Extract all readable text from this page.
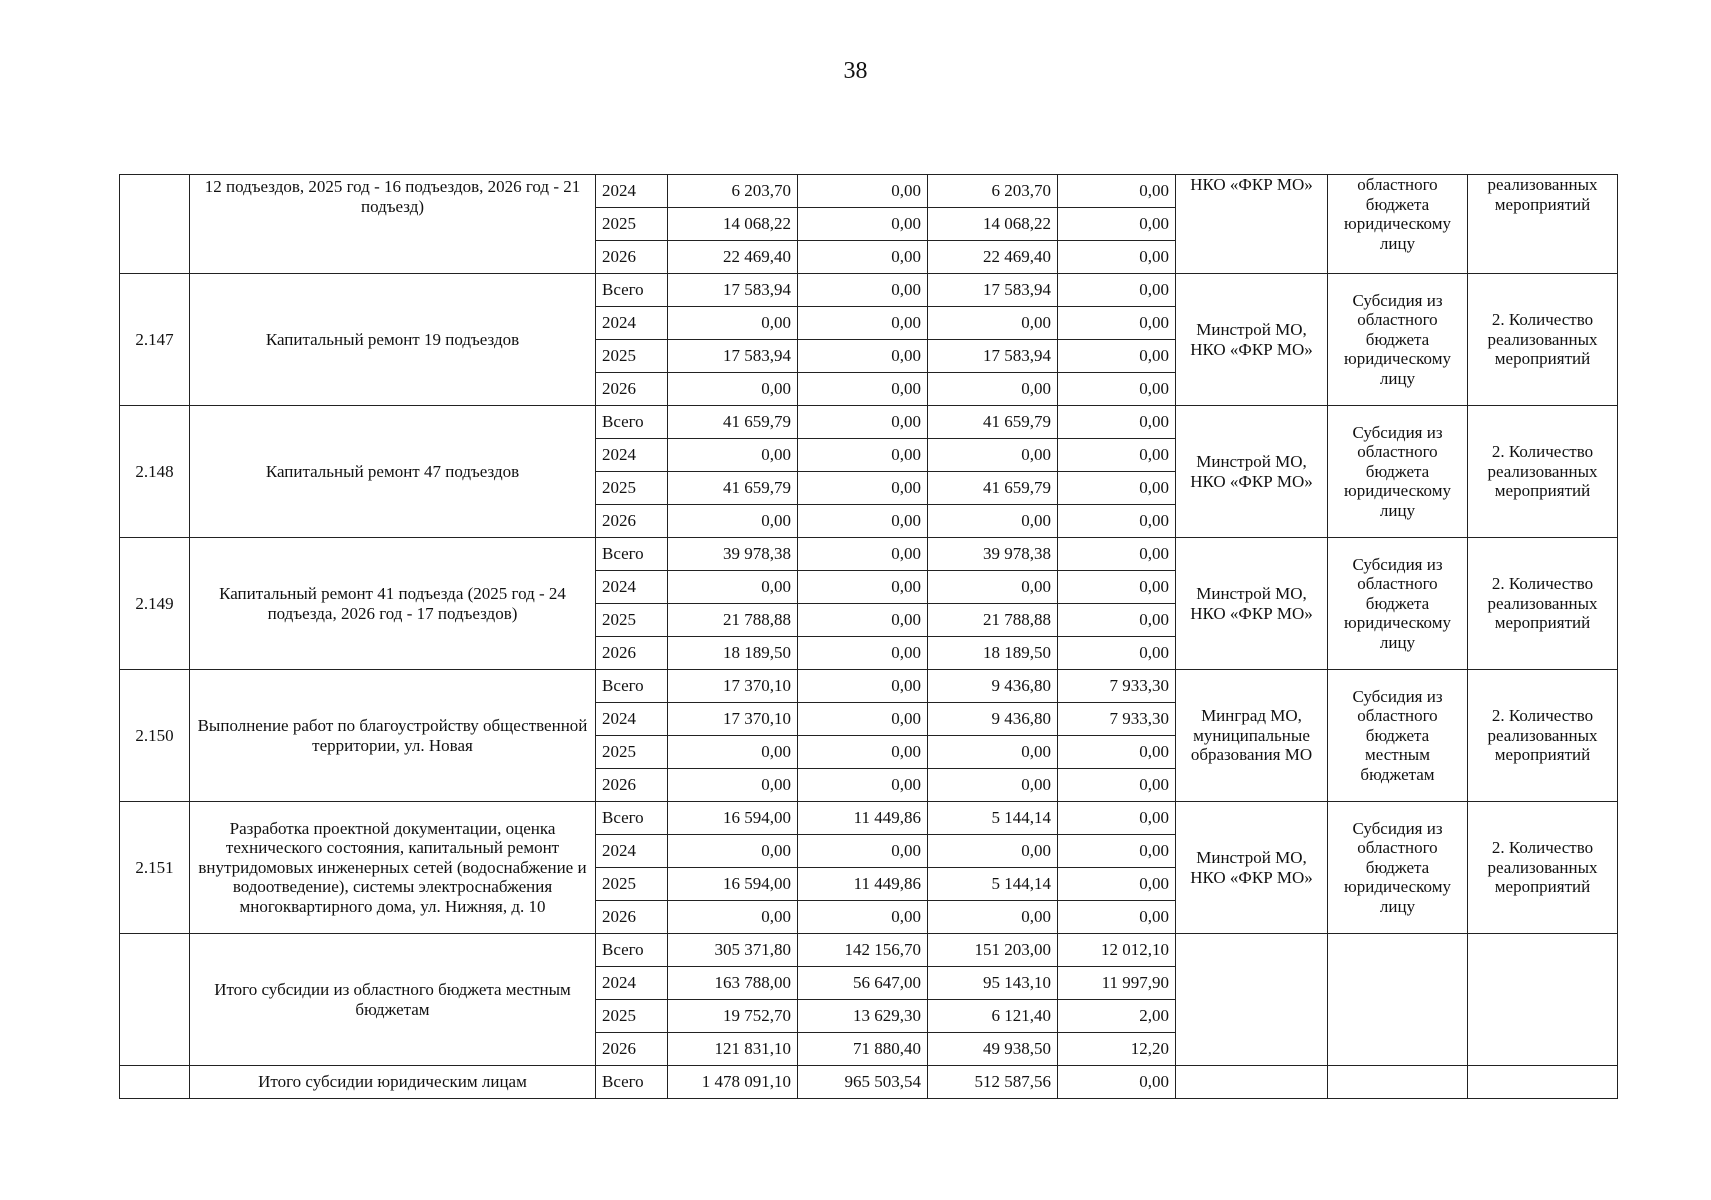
38
	12 подъездов, 2025 год - 16 подъездов, 2026 год - 21 подъезд)	2024	6 203,70	0,00	6 203,70	0,00	НКО «ФКР МО»	областного бюджета юридическому лицу	реализованных мероприятий
		2025	14 068,22	0,00	14 068,22	0,00			
		2026	22 469,40	0,00	22 469,40	0,00			
2.147	Капитальный ремонт 19 подъездов	Всего	17 583,94	0,00	17 583,94	0,00	Минстрой МО, НКО «ФКР МО»	Субсидия из областного бюджета юридическому лицу	2. Количество реализованных мероприятий
		2024	0,00	0,00	0,00	0,00			
		2025	17 583,94	0,00	17 583,94	0,00			
		2026	0,00	0,00	0,00	0,00			
2.148	Капитальный ремонт 47 подъездов	Всего	41 659,79	0,00	41 659,79	0,00	Минстрой МО, НКО «ФКР МО»	Субсидия из областного бюджета юридическому лицу	2. Количество реализованных мероприятий
		2024	0,00	0,00	0,00	0,00			
		2025	41 659,79	0,00	41 659,79	0,00			
		2026	0,00	0,00	0,00	0,00			
2.149	Капитальный ремонт 41 подъезда (2025 год - 24 подъезда, 2026 год - 17 подъездов)	Всего	39 978,38	0,00	39 978,38	0,00	Минстрой МО, НКО «ФКР МО»	Субсидия из областного бюджета юридическому лицу	2. Количество реализованных мероприятий
		2024	0,00	0,00	0,00	0,00			
		2025	21 788,88	0,00	21 788,88	0,00			
		2026	18 189,50	0,00	18 189,50	0,00			
2.150	Выполнение работ по благоустройству общественной территории, ул. Новая	Всего	17 370,10	0,00	9 436,80	7 933,30	Минград МО, муниципальные образования МО	Субсидия из областного бюджета местным бюджетам	2. Количество реализованных мероприятий
		2024	17 370,10	0,00	9 436,80	7 933,30			
		2025	0,00	0,00	0,00	0,00			
		2026	0,00	0,00	0,00	0,00			
2.151	Разработка проектной документации, оценка технического состояния, капитальный ремонт внутридомовых инженерных сетей (водоснабжение и водоотведение), системы электроснабжения многоквартирного дома, ул. Нижняя, д. 10	Всего	16 594,00	11 449,86	5 144,14	0,00	Минстрой МО, НКО «ФКР МО»	Субсидия из областного бюджета юридическому лицу	2. Количество реализованных мероприятий
		2024	0,00	0,00	0,00	0,00			
		2025	16 594,00	11 449,86	5 144,14	0,00			
		2026	0,00	0,00	0,00	0,00			
	Итого субсидии из областного бюджета местным бюджетам	Всего	305 371,80	142 156,70	151 203,00	12 012,10			
		2024	163 788,00	56 647,00	95 143,10	11 997,90			
		2025	19 752,70	13 629,30	6 121,40	2,00			
		2026	121 831,10	71 880,40	49 938,50	12,20			
	Итого субсидии юридическим лицам	Всего	1 478 091,10	965 503,54	512 587,56	0,00			
